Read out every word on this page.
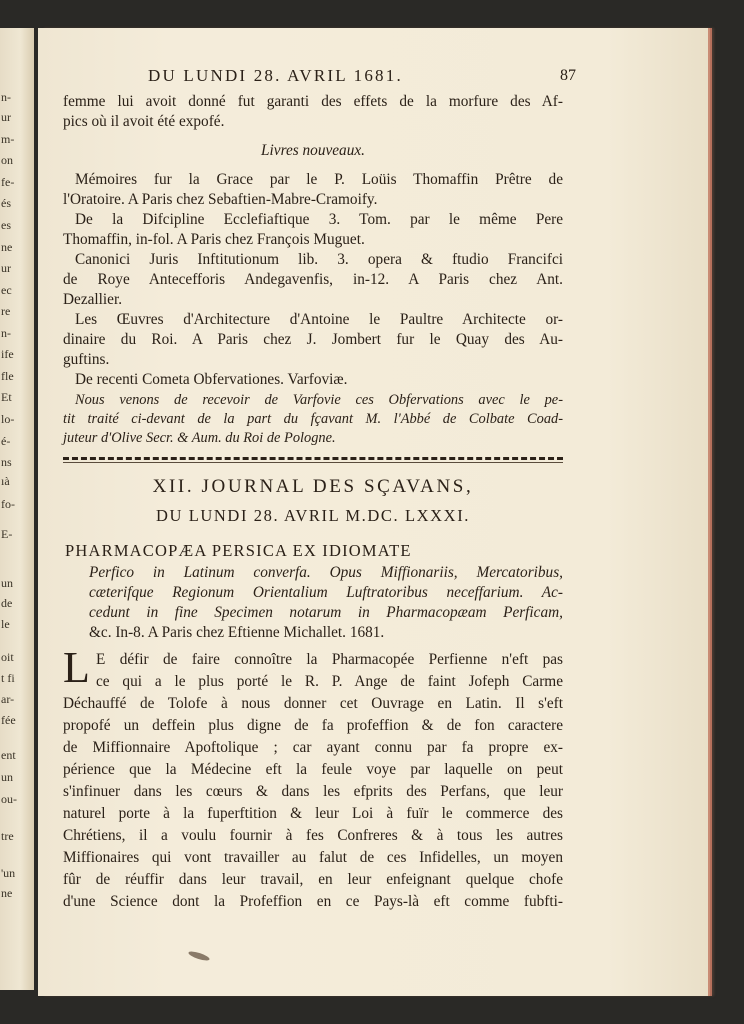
n-
ur
m-
on
fe-
és
es
ne
ur
ec
re
n-
ife
fle
Et
lo-
é-
ns
ıà
fo-
E-
un
de
le
oit
t fi
ar-
fée
ent
un
ou-
tre
'un
ne
DU LUNDI 28. AVRIL 1681.	87
femme lui avoit donné fut garanti des effets de la morfure des Af-
pics où il avoit été expofé.
Livres nouveaux.
Mémoires fur la Grace par le P. Loüis Thomaffin Prêtre de
l'Oratoire. A Paris chez Sebaftien-Mabre-Cramoify.
De la Difcipline Ecclefiaftique 3. Tom. par le même Pere
Thomaffin, in-fol. A Paris chez François Muguet.
Canonici Juris Inftitutionum lib. 3. opera & ftudio Francifci
de Roye Antecefforis Andegavenfis, in-12. A Paris chez Ant.
Dezallier.
Les Œuvres d'Architecture d'Antoine le Paultre Architecte or-
dinaire du Roi. A Paris chez J. Jombert fur le Quay des Au-
guftins.
De recenti Cometa Obfervationes. Varfoviæ.
Nous venons de recevoir de Varfovie ces Obfervations avec le pe-
tit traité ci-devant de la part du fçavant M. l'Abbé de Colbate Coad-
juteur d'Olive Secr. & Aum. du Roi de Pologne.
XII. JOURNAL DES SÇAVANS,
DU LUNDI 28. AVRIL M.DC. LXXXI.
PHARMACOPÆA PERSICA EX IDIOMATE
Perfico in Latinum converfa. Opus Miffionariis, Mercatoribus,
cæterifque Regionum Orientalium Luftratoribus neceffarium. Ac-
cedunt in fine Specimen notarum in Pharmacopæam Perficam,
&c. In-8. A Paris chez Eftienne Michallet. 1681.
L E défir de faire connoître la Pharmacopée Perfienne n'eft pas
ce qui a le plus porté le R. P. Ange de faint Jofeph Carme
Déchauffé de Tolofe à nous donner cet Ouvrage en Latin. Il s'eft
propofé un deffein plus digne de fa profeffion & de fon caractere
de Miffionnaire Apoftolique ; car ayant connu par fa propre ex-
périence que la Médecine eft la feule voye par laquelle on peut
s'infinuer dans les cœurs & dans les efprits des Perfans, que leur
naturel porte à la fuperftition & leur Loi à fuïr le commerce des
Chrétiens, il a voulu fournir à fes Confreres & à tous les autres
Miffionaires qui vont travailler au falut de ces Infidelles, un moyen
fûr de réuffir dans leur travail, en leur enfeignant quelque chofe
d'une Science dont la Profeffion en ce Pays-là eft comme fubfti-
